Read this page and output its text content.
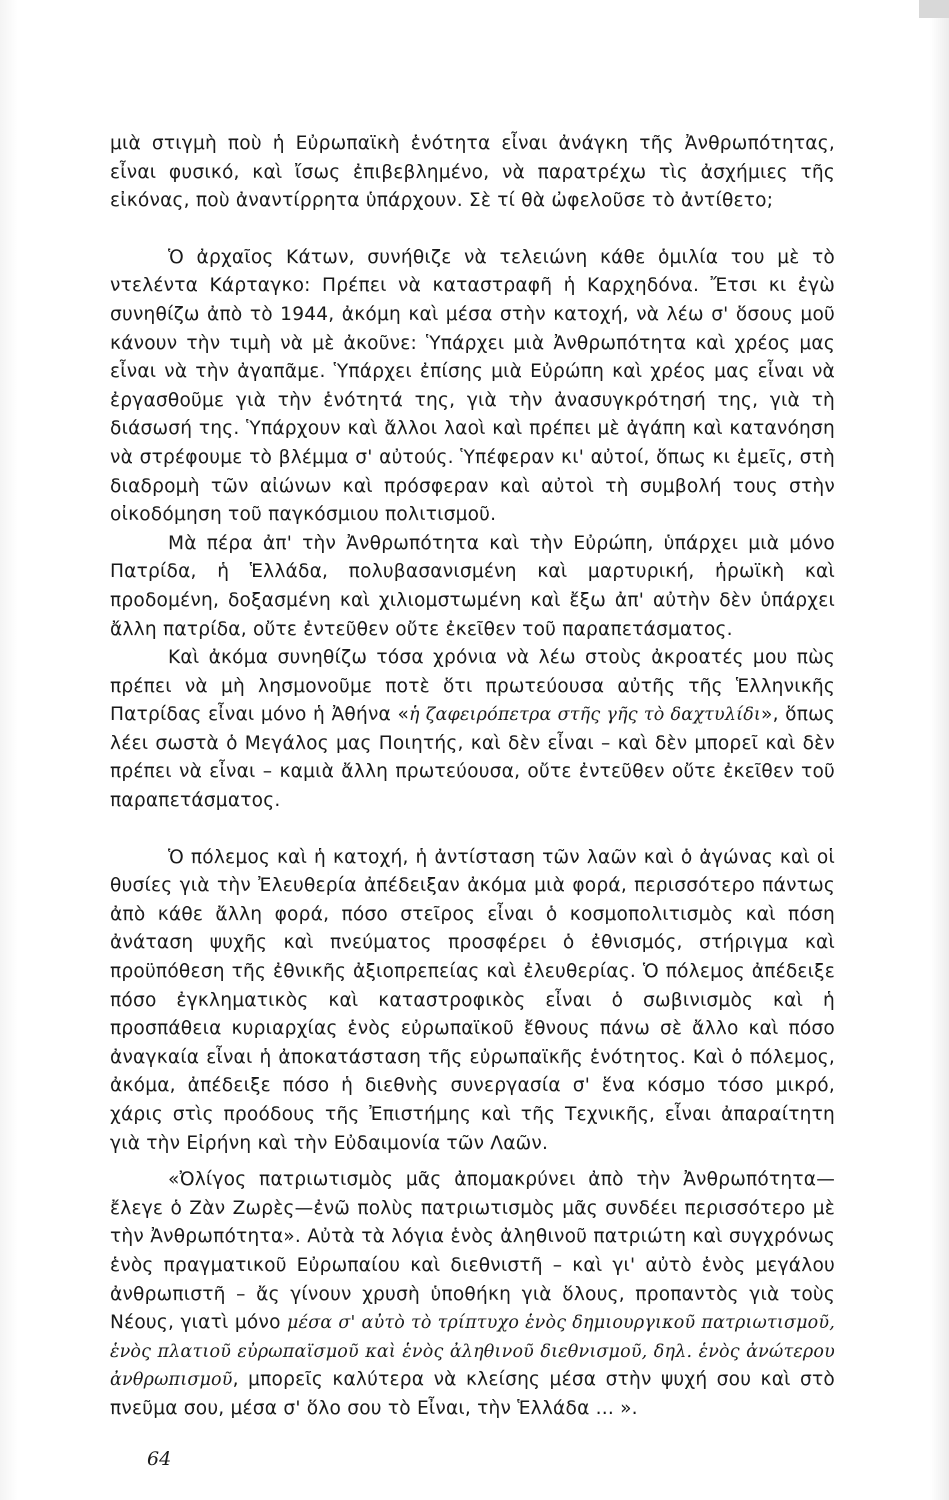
μιὰ στιγμὴ ποὺ ἡ Εὐρωπαϊκὴ ἑνότητα εἶναι ἀνάγκη τῆς Ἀνθρωπότητας, εἶναι φυσικό, καὶ ἴσως ἐπιβεβλημένο, νὰ παρατρέχω τὶς ἀσχήμιες τῆς εἰκόνας, ποὺ ἀναντίρρητα ὑπάρχουν. Σὲ τί θὰ ὠφελοῦσε τὸ ἀντίθετο;

Ὁ ἀρχαῖος Κάτων, συνήθιζε νὰ τελειώνη κάθε ὁμιλία του μὲ τὸ ντελέντα Κάρταγκο: Πρέπει νὰ καταστραφῆ ἡ Καρχηδόνα. Ἔτσι κι ἐγὼ συνηθίζω ἀπὸ τὸ 1944, ἀκόμη καὶ μέσα στὴν κατοχή, νὰ λέω σ' ὅσους μοῦ κάνουν τὴν τιμὴ νὰ μὲ ἀκοῦνε: Ὑπάρχει μιὰ Ἀνθρωπότητα καὶ χρέος μας εἶναι νὰ τὴν ἀγαπᾶμε. Ὑπάρχει ἐπίσης μιὰ Εὐρώπη καὶ χρέος μας εἶναι νὰ ἐργασθοῦμε γιὰ τὴν ἑνότητά της, γιὰ τὴν ἀνασυγκρότησή της, γιὰ τὴ διάσωσή της. Ὑπάρχουν καὶ ἄλλοι λαοὶ καὶ πρέπει μὲ ἀγάπη καὶ κατανόηση νὰ στρέφουμε τὸ βλέμμα σ' αὐτούς. Ὑπέφεραν κι' αὐτοί, ὅπως κι ἐμεῖς, στὴ διαδρομὴ τῶν αἰώνων καὶ πρόσφεραν καὶ αὐτοὶ τὴ συμβολή τους στὴν οἰκοδόμηση τοῦ παγκόσμιου πολιτισμοῦ.

Μὰ πέρα ἀπ' τὴν Ἀνθρωπότητα καὶ τὴν Εὐρώπη, ὑπάρχει μιὰ μόνο Πατρίδα, ἡ Ἑλλάδα, πολυβασανισμένη καὶ μαρτυρική, ἡρωϊκὴ καὶ προδομένη, δοξασμένη καὶ χιλιομστωμένη καὶ ἔξω ἀπ' αὐτὴν δὲν ὑπάρχει ἄλλη πατρίδα, οὔτε ἐντεῦθεν οὔτε ἐκεῖθεν τοῦ παραπετάσματος.

Καὶ ἀκόμα συνηθίζω τόσα χρόνια νὰ λέω στοὺς ἀκροατές μου πὼς πρέπει νὰ μὴ λησμονοῦμε ποτὲ ὅτι πρωτεύουσα αὐτῆς τῆς Ἑλληνικῆς Πατρίδας εἶναι μόνο ἡ Ἀθήνα «ἡ ζαφειρόπετρα στῆς γῆς τὸ δαχτυλίδι», ὅπως λέει σωστὰ ὁ Μεγάλος μας Ποιητής, καὶ δὲν εἶναι – καὶ δὲν μπορεῖ καὶ δὲν πρέπει νὰ εἶναι – καμιὰ ἄλλη πρωτεύουσα, οὔτε ἐντεῦθεν οὔτε ἐκεῖθεν τοῦ παραπετάσματος.

Ὁ πόλεμος καὶ ἡ κατοχή, ἡ ἀντίσταση τῶν λαῶν καὶ ὁ ἀγώνας καὶ οἱ θυσίες γιὰ τὴν Ἐλευθερία ἀπέδειξαν ἀκόμα μιὰ φορά, περισσότερο πάντως ἀπὸ κάθε ἄλλη φορά, πόσο στεῖρος εἶναι ὁ κοσμοπολιτισμὸς καὶ πόση ἀνάταση ψυχῆς καὶ πνεύματος προσφέρει ὁ ἐθνισμός, στήριγμα καὶ προϋπόθεση τῆς ἐθνικῆς ἀξιοπρεπείας καὶ ἐλευθερίας. Ὁ πόλεμος ἀπέδειξε πόσο ἐγκληματικὸς καὶ καταστροφικὸς εἶναι ὁ σωβινισμὸς καὶ ἡ προσπάθεια κυριαρχίας ἑνὸς εὐρωπαϊκοῦ ἔθνους πάνω σὲ ἄλλο καὶ πόσο ἀναγκαία εἶναι ἡ ἀποκατάσταση τῆς εὐρωπαϊκῆς ἑνότητος. Καὶ ὁ πόλεμος, ἀκόμα, ἀπέδειξε πόσο ἡ διεθνὴς συνεργασία σ' ἕνα κόσμο τόσο μικρό, χάρις στὶς προόδους τῆς Ἐπιστήμης καὶ τῆς Τεχνικῆς, εἶναι ἀπαραίτητη γιὰ τὴν Εἰρήνη καὶ τὴν Εὐδαιμονία τῶν Λαῶν.

«Ὀλίγος πατριωτισμὸς μᾶς ἀπομακρύνει ἀπὸ τὴν Ἀνθρωπότητα— ἔλεγε ὁ Ζὰν Ζωρὲς—ἐνῶ πολὺς πατριωτισμὸς μᾶς συνδέει περισσότερο μὲ τὴν Ἀνθρωπότητα». Αὐτὰ τὰ λόγια ἑνὸς ἀληθινοῦ πατριώτη καὶ συγχρόνως ἑνὸς πραγματικοῦ Εὐρωπαίου καὶ διεθνιστῆ – καὶ γι' αὐτὸ ἑνὸς μεγάλου ἀνθρωπιστῆ – ἄς γίνουν χρυσὴ ὑποθήκη γιὰ ὅλους, προπαντὸς γιὰ τοὺς Νέους, γιατὶ μόνο μέσα σ' αὐτὸ τὸ τρίπτυχο ἑνὸς δημιουργικοῦ πατριωτισμοῦ, ἑνὸς πλατιοῦ εὐρωπαϊσμοῦ καὶ ἑνὸς ἀληθινοῦ διεθνισμοῦ, δηλ. ἑνὸς ἀνώτερου ἀνθρωπισμοῦ, μπορεῖς καλύτερα νὰ κλείσης μέσα στὴν ψυχή σου καὶ στὸ πνεῦμα σου, μέσα σ' ὅλο σου τὸ Εἶναι, τὴν Ἑλλάδα ... ».

64
